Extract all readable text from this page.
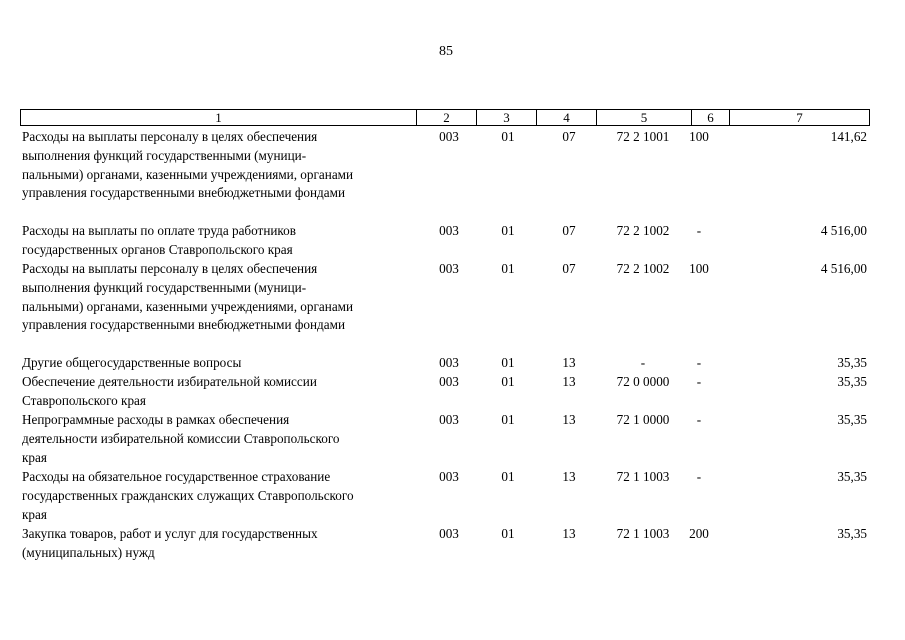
85
1	2	3	4	5	6	7
Расходы на выплаты персоналу в целях обеспечения
выполнения функций государственными (муници-
пальными) органами, казенными учреждениями, органами
управления государственными внебюджетными фондами
003	01	07	72 2 1001	100	141,62
Расходы на выплаты по оплате труда работников
государственных органов Ставропольского края
003	01	07	72 2 1002	-	4 516,00
Расходы на выплаты персоналу в целях обеспечения
выполнения функций государственными (муници-
пальными) органами, казенными учреждениями, органами
управления государственными внебюджетными фондами
003	01	07	72 2 1002	100	4 516,00
Другие общегосударственные вопросы	003	01	13	-	-	35,35
Обеспечение деятельности избирательной комиссии
Ставропольского края
003	01	13	72 0 0000	-	35,35
Непрограммные расходы в рамках обеспечения
деятельности избирательной комиссии Ставропольского
края
003	01	13	72 1 0000	-	35,35
Расходы на обязательное государственное страхование
государственных гражданских служащих Ставропольского
края
003	01	13	72 1 1003	-	35,35
Закупка товаров, работ и услуг для государственных
(муниципальных) нужд
003	01	13	72 1 1003	200	35,35
